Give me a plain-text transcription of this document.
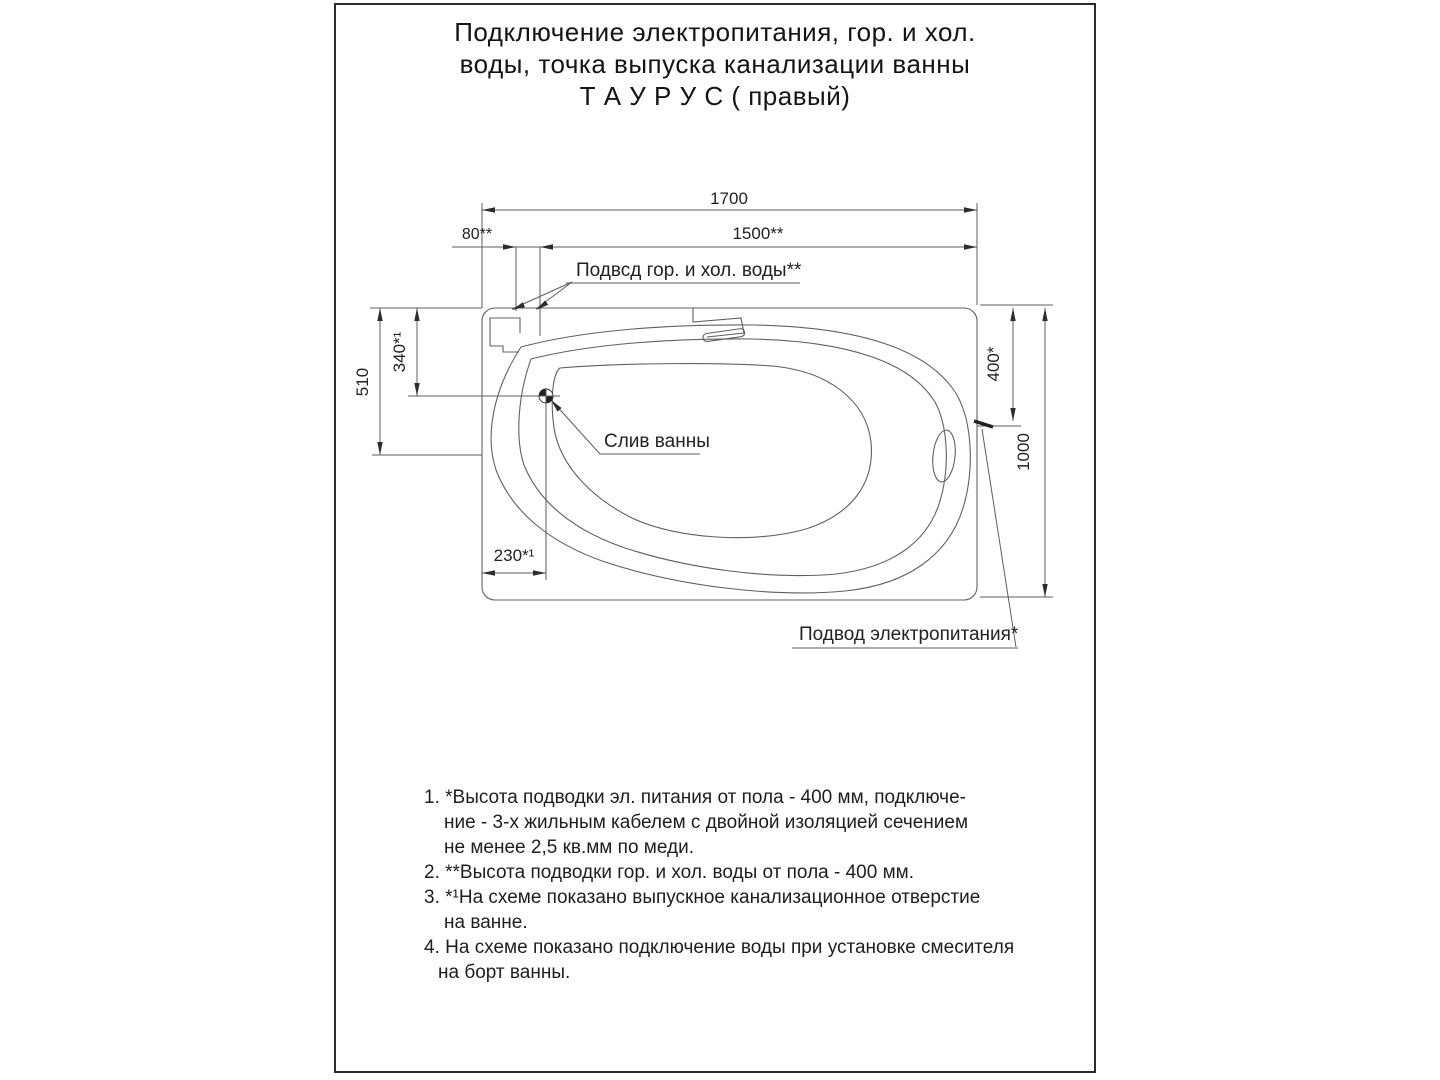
Подключение электропитания, гор. и хол.
воды, точка выпуска канализации ванны
Т А У Р У С ( правый)
1700
80**	1500**
510
340*¹
230*¹
400*
1000
Подвсд гор. и хол. воды**
Слив ванны
Подвод электропитания*
1. *Высота подводки эл. питания от пола - 400 мм, подключе-
ние - 3-х жильным кабелем с двойной изоляцией сечением
не менее 2,5 кв.мм по меди.
2. **Высота подводки гор. и хол. воды от пола - 400 мм.
3. *¹На схеме показано выпускное канализационное отверстие
на ванне.
4. На схеме показано подключение воды при установке смесителя
на борт ванны.
